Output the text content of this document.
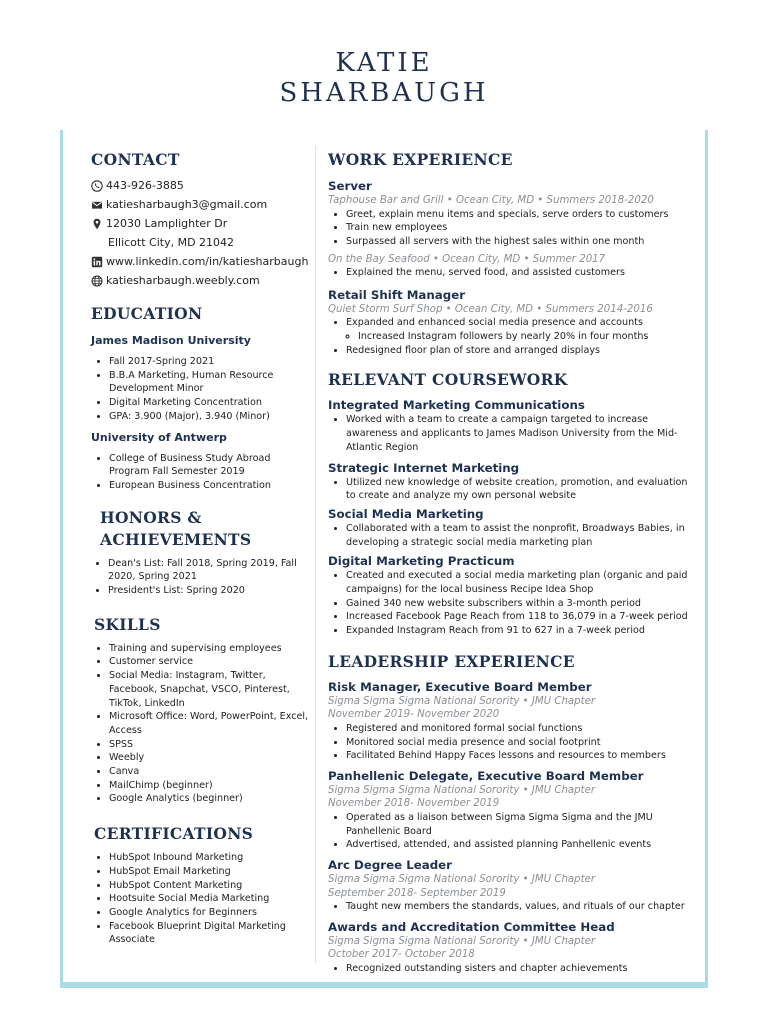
KATIE
SHARBAUGH
CONTACT
443-926-3885
katiesharbaugh3@gmail.com
12030 Lamplighter Dr
Ellicott City, MD 21042
www.linkedin.com/in/katiesharbaugh
katiesharbaugh.weebly.com
EDUCATION

James Madison University

• Fall 2017-Spring 2021
• B.B.A Marketing, Human Resource Development Minor
• Digital Marketing Concentration
• GPA: 3.900 (Major), 3.940 (Minor)

University of Antwerp

• College of Business Study Abroad Program Fall Semester 2019
• European Business Concentration
HONORS &
ACHIEVEMENTS
• Dean's List: Fall 2018, Spring 2019, Fall 2020, Spring 2021
• President's List: Spring 2020
SKILLS
• Training and supervising employees
• Customer service
• Social Media: Instagram, Twitter, Facebook, Snapchat, VSCO, Pinterest, TikTok, LinkedIn
• Microsoft Office: Word, PowerPoint, Excel, Access
• SPSS
• Weebly
• Canva
• MailChimp (beginner)
• Google Analytics (beginner)
CERTIFICATIONS
• HubSpot Inbound Marketing
• HubSpot Email Marketing
• HubSpot Content Marketing
• Hootsuite Social Media Marketing
• Google Analytics for Beginners
• Facebook Blueprint Digital Marketing Associate
WORK EXPERIENCE

Server

Taphouse Bar and Grill • Ocean City, MD • Summers 2018-2020

• Greet, explain menu items and specials, serve orders to customers
• Train new employees
• Surpassed all servers with the highest sales within one month

On the Bay Seafood • Ocean City, MD • Summer 2017

• Explained the menu, served food, and assisted customers

Retail Shift Manager

Quiet Storm Surf Shop • Ocean City, MD • Summers 2014-2016

• Expanded and enhanced social media presence and accounts
◦ Increased Instagram followers by nearly 20% in four months
• Redesigned floor plan of store and arranged displays
RELEVANT COURSEWORK

Integrated Marketing Communications

• Worked with a team to create a campaign targeted to increase awareness and applicants to James Madison University from the Mid-Atlantic Region

Strategic Internet Marketing

• Utilized new knowledge of website creation, promotion, and evaluation to create and analyze my own personal website

Social Media Marketing

• Collaborated with a team to assist the nonprofit, Broadways Babies, in developing a strategic social media marketing plan

Digital Marketing Practicum

• Created and executed a social media marketing plan (organic and paid campaigns) for the local business Recipe Idea Shop
• Gained 340 new website subscribers within a 3-month period
• Increased Facebook Page Reach from 118 to 36,079 in a 7-week period
• Expanded Instagram Reach from 91 to 627 in a 7-week period
LEADERSHIP EXPERIENCE

Risk Manager, Executive Board Member

Sigma Sigma Sigma National Sorority • JMU Chapter

November 2019- November 2020

• Registered and monitored formal social functions
• Monitored social media presence and social footprint
• Facilitated Behind Happy Faces lessons and resources to members

Panhellenic Delegate, Executive Board Member

Sigma Sigma Sigma National Sorority • JMU Chapter

November 2018- November 2019

• Operated as a liaison between Sigma Sigma Sigma and the JMU Panhellenic Board
• Advertised, attended, and assisted planning Panhellenic events

Arc Degree Leader

Sigma Sigma Sigma National Sorority • JMU Chapter

September 2018- September 2019

• Taught new members the standards, values, and rituals of our chapter

Awards and Accreditation Committee Head

Sigma Sigma Sigma National Sorority • JMU Chapter

October 2017- October 2018

• Recognized outstanding sisters and chapter achievements
